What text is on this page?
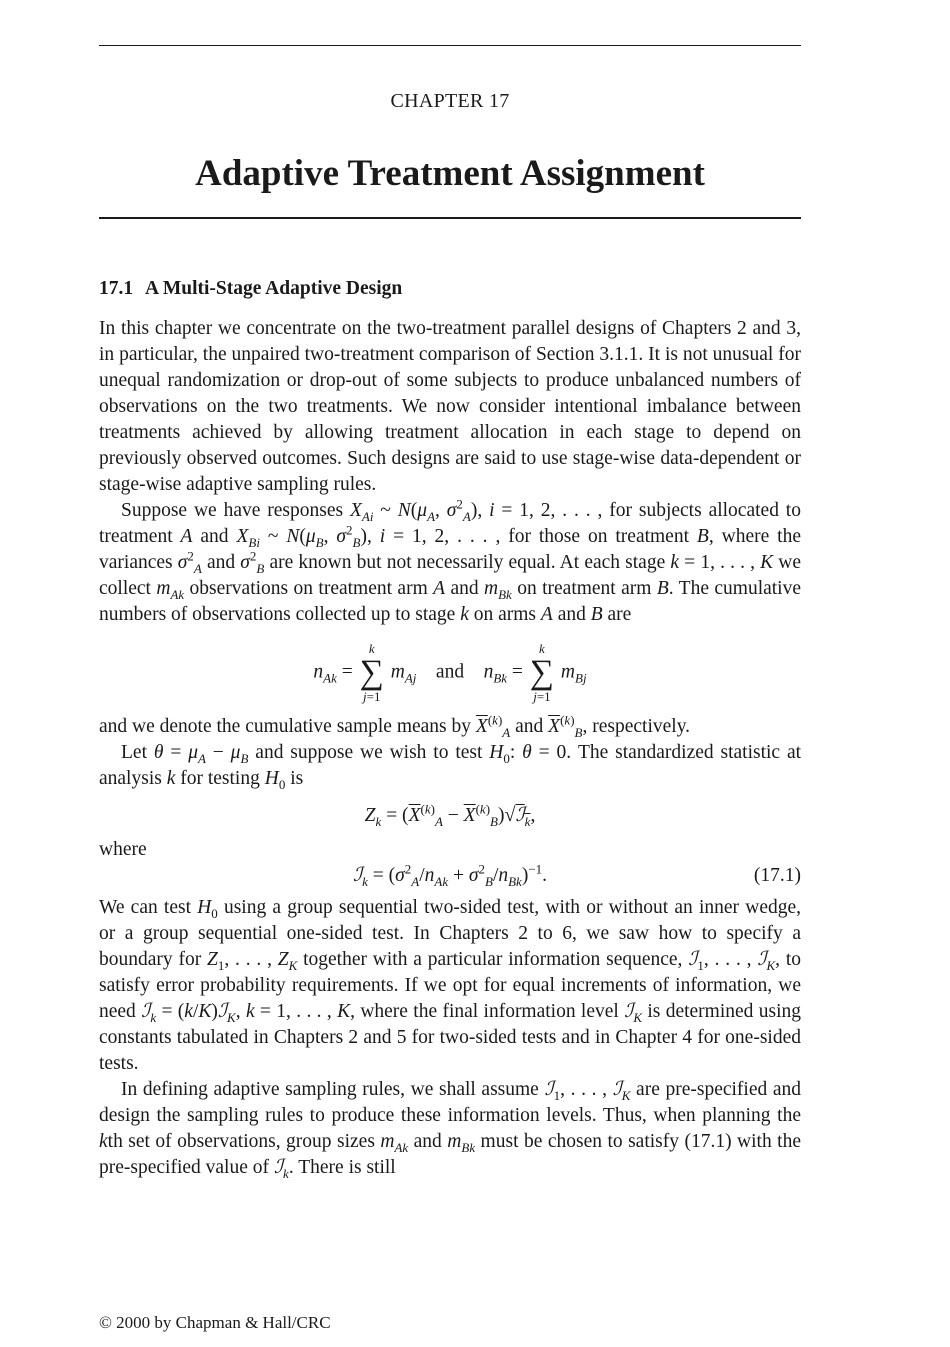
CHAPTER 17
Adaptive Treatment Assignment
17.1 A Multi-Stage Adaptive Design

In this chapter we concentrate on the two-treatment parallel designs of Chapters 2 and 3, in particular, the unpaired two-treatment comparison of Section 3.1.1. It is not unusual for unequal randomization or drop-out of some subjects to produce unbalanced numbers of observations on the two treatments. We now consider intentional imbalance between treatments achieved by allowing treatment allocation in each stage to depend on previously observed outcomes. Such designs are said to use stage-wise data-dependent or stage-wise adaptive sampling rules.

Suppose we have responses $X_{Ai}$ ~ $N(\mu_A$, $\sigma^2_A$), i = 1, 2, . . . , for subjects allocated to treatment A and $X_{Bi}$ ~ $N(\mu_B$, $\sigma^2_B$), i = 1, 2, . . . , for those on treatment B, where the variances $\sigma^2_A$ and $\sigma^2_B$ are known but not necessarily equal. At each stage k = 1, . . . , K we collect $m_{Ak}$ observations on treatment arm A and $m_{Bk}$ on treatment arm B. The cumulative numbers of observations collected up to stage k on arms A and B are

$n_{Ak}$ =
k
∑
j=1
$m_{Aj}$    and    $n_{Bk}$ =
k
∑
j=1
$m_{Bj}$

and we denote the cumulative sample means by $\overline{X}^{(k)}_A$ and $\overline{X}^{(k)}_B$, respectively.

Let $\theta = \mu_A - \mu_B$ and suppose we wish to test $H_0$: θ = 0. The standardized statistic at analysis k for testing $H_0$ is

$Z_k = (\overline{X}^{(k)}_A$ − $\overline{X}^{(k)}_B)√ℐ_k$,

where

ℐ$_k$ = $(\sigma^2_A/n_{Ak} + \sigma^2_B/n_{Bk})^{-1}$.	(17.1)

We can test $H_0$ using a group sequential two-sided test, with or without an inner wedge, or a group sequential one-sided test. In Chapters 2 to 6, we saw how to specify a boundary for $Z_1$, . . . , $Z_K$ together with a particular information sequence, ℐ$_1$, . . . , ℐ$_K$, to satisfy error probability requirements. If we opt for equal increments of information, we need ℐ$_k$ = (k/K)ℐ$_K$, k = 1, . . . , K, where the final information level ℐ$_K$ is determined using constants tabulated in Chapters 2 and 5 for two-sided tests and in Chapter 4 for one-sided tests.

In defining adaptive sampling rules, we shall assume ℐ$_1$, . . . , ℐ$_K$ are pre-specified and design the sampling rules to produce these information levels. Thus, when planning the kth set of observations, group sizes $m_{Ak}$ and $m_{Bk}$ must be chosen to satisfy (17.1) with the pre-specified value of ℐ$_k$. There is still

© 2000 by Chapman & Hall/CRC
